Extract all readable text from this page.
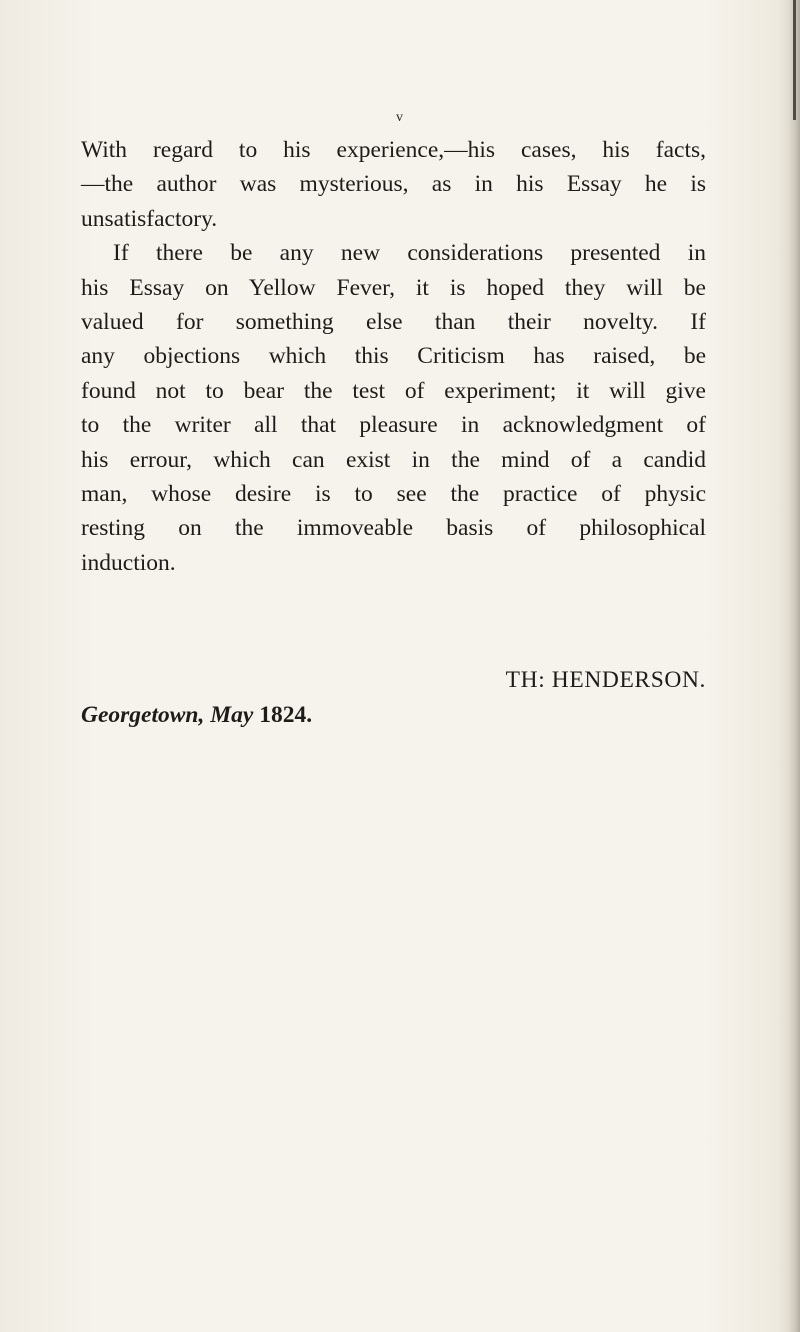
v
With regard to his experience,—his cases, his facts,
—the author was mysterious, as in his Essay he is
unsatisfactory.
If there be any new considerations presented in
his Essay on Yellow Fever, it is hoped they will be
valued for something else than their novelty. If
any objections which this Criticism has raised, be
found not to bear the test of experiment; it will give
to the writer all that pleasure in acknowledgment of
his errour, which can exist in the mind of a candid
man, whose desire is to see the practice of physic
resting on the immoveable basis of philosophical
induction.
TH: HENDERSON.
Georgetown, May 1824.
